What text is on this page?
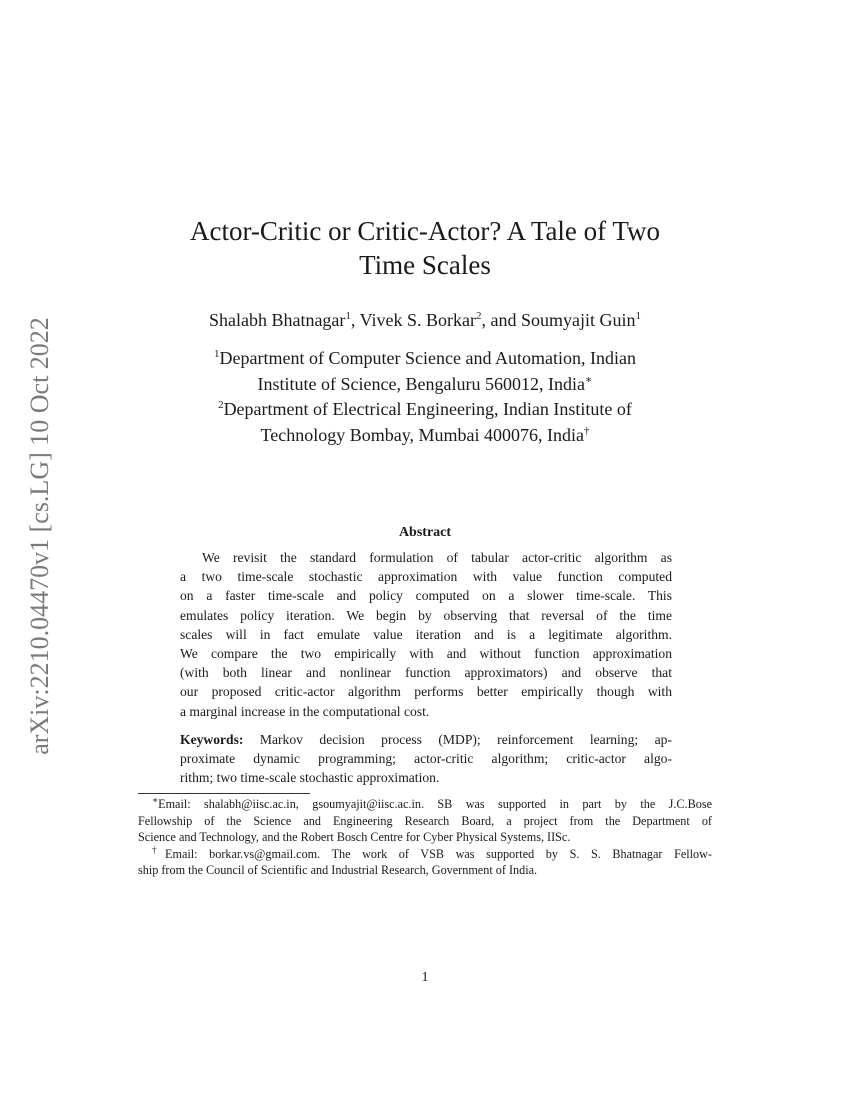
arXiv:2210.04470v1 [cs.LG] 10 Oct 2022
Actor-Critic or Critic-Actor? A Tale of Two
Time Scales
Shalabh Bhatnagar$^1$, Vivek S. Borkar$^2$, and Soumyajit Guin$^1$
$^1$Department of Computer Science and Automation, Indian
Institute of Science, Bengaluru 560012, India∗
$^2$Department of Electrical Engineering, Indian Institute of
Technology Bombay, Mumbai 400076, India†
Abstract
We revisit the standard formulation of tabular actor-critic algorithm as
a two time-scale stochastic approximation with value function computed
on a faster time-scale and policy computed on a slower time-scale. This
emulates policy iteration. We begin by observing that reversal of the time
scales will in fact emulate value iteration and is a legitimate algorithm.
We compare the two empirically with and without function approximation
(with both linear and nonlinear function approximators) and observe that
our proposed critic-actor algorithm performs better empirically though with
a marginal increase in the computational cost.
Keywords: Markov decision process (MDP); reinforcement learning; ap-
proximate dynamic programming; actor-critic algorithm; critic-actor algo-
rithm; two time-scale stochastic approximation.
∗Email: shalabh@iisc.ac.in, gsoumyajit@iisc.ac.in. SB was supported in part by the J.C.Bose
Fellowship of the Science and Engineering Research Board, a project from the Department of
Science and Technology, and the Robert Bosch Centre for Cyber Physical Systems, IISc.
†Email: borkar.vs@gmail.com. The work of VSB was supported by S. S. Bhatnagar Fellow-
ship from the Council of Scientific and Industrial Research, Government of India.
1
